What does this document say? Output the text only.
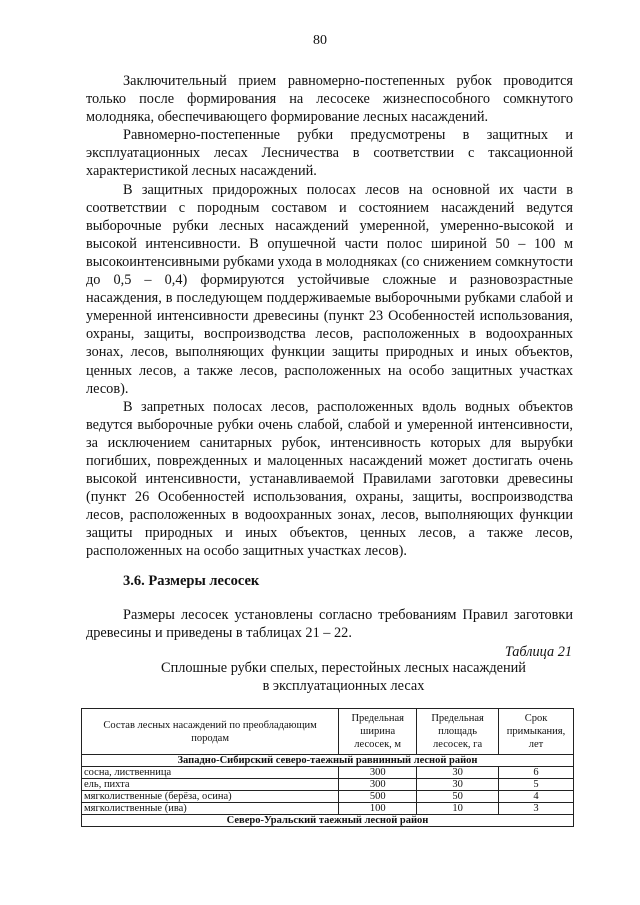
80

Заключительный прием равномерно-постепенных рубок проводится только после формирования на лесосеке жизнеспособного сомкнутого молодняка, обеспечивающего формирование лесных насаждений.

Равномерно-постепенные рубки предусмотрены в защитных и эксплуатационных лесах Лесничества в соответствии с таксационной характеристикой лесных насаждений.

В защитных придорожных полосах лесов на основной их части в соответствии с породным составом и состоянием насаждений ведутся выборочные рубки лесных насаждений умеренной, умеренно-высокой и высокой интенсивности. В опушечной части полос шириной 50 – 100 м высокоинтенсивными рубками ухода в молодняках (со снижением сомкнутости до 0,5 – 0,4) формируются устойчивые сложные и разновозрастные насаждения, в последующем поддерживаемые выборочными рубками слабой и умеренной интенсивности древесины (пункт 23 Особенностей использования, охраны, защиты, воспроизводства лесов, расположенных в водоохранных зонах, лесов, выполняющих функции защиты природных и иных объектов, ценных лесов, а также лесов, расположенных на особо защитных участках лесов).

В запретных полосах лесов, расположенных вдоль водных объектов ведутся выборочные рубки очень слабой, слабой и умеренной интенсивности, за исключением санитарных рубок, интенсивность которых для вырубки погибших, поврежденных и малоценных насаждений может достигать очень высокой интенсивности, устанавливаемой Правилами заготовки древесины (пункт 26 Особенностей использования, охраны, защиты, воспроизводства лесов, расположенных в водоохранных зонах, лесов, выполняющих функции защиты природных и иных объектов, ценных лесов, а также лесов, расположенных на особо защитных участках лесов).

3.6. Размеры лесосек

Размеры лесосек установлены согласно требованиям Правил заготовки древесины и приведены в таблицах 21 – 22.

Таблица 21
Сплошные рубки спелых, перестойных лесных насаждений
в эксплуатационных лесах
Состав лесных насаждений по преобладающим породам	Предельная ширина лесосек, м	Предельная площадь лесосек, га	Срок примыкания, лет
Западно-Сибирский северо-таежный равнинный лесной район			
сосна, лиственница	300	30	6
ель, пихта	300	30	5
мягколиственные (берёза, осина)	500	50	4
мягколиственные (ива)	100	10	3
Северо-Уральский таежный лесной район			
